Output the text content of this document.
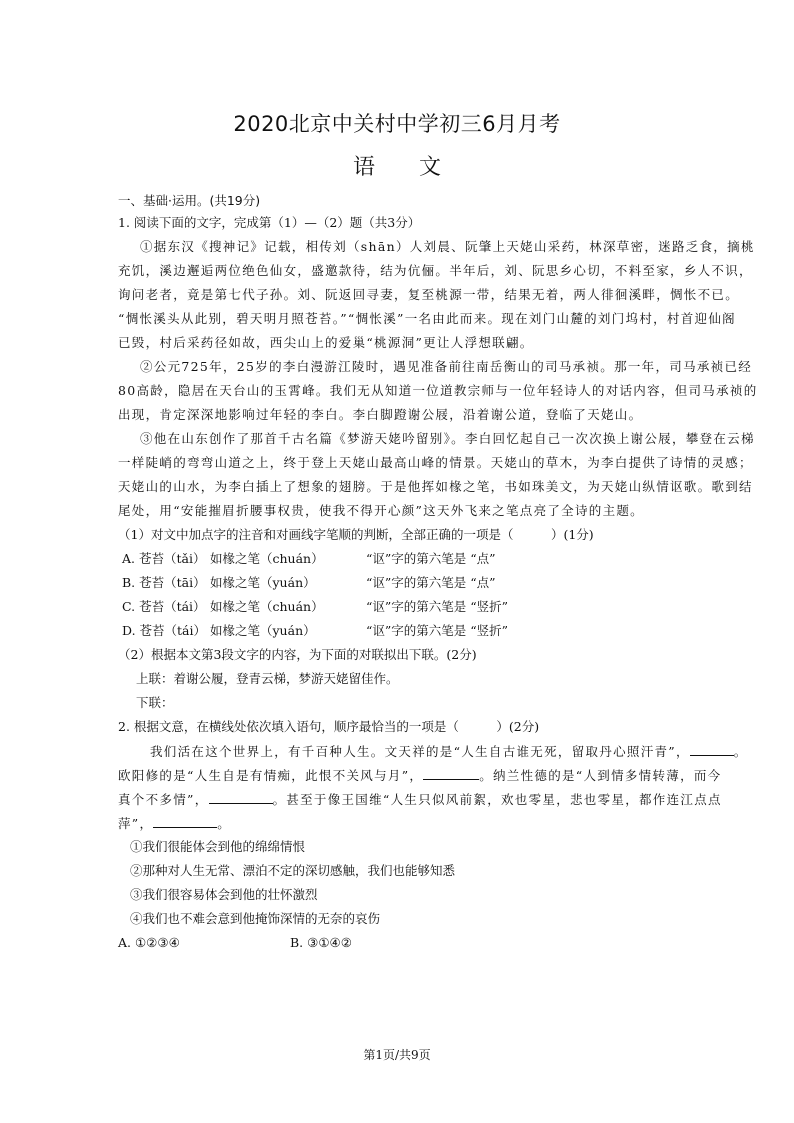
2020北京中关村中学初三6月月考
语文
一、基础·运用。(共19分)
1. 阅读下面的文字，完成第（1）—（2）题（共3分）
①据东汉《搜神记》记载，相传刘（shān）人刘晨、阮肇上天姥山采药，林深草密，迷路乏食，摘桃
充饥，溪边邂逅两位绝色仙女，盛邀款待，结为伉俪。半年后，刘、阮思乡心切，不料至家，乡人不识，
询问老者，竟是第七代子孙。刘、阮返回寻妻，复至桃源一带，结果无着，两人徘徊溪畔，惆怅不已。
“惆怅溪头从此别，碧天明月照苍苔。”“惆怅溪”一名由此而来。现在刘门山麓的刘门坞村，村首迎仙阁
已毁，村后采药径如故，西尖山上的爱巢“桃源洞”更让人浮想联翩。
②公元725年，25岁的李白漫游江陵时，遇见准备前往南岳衡山的司马承祯。那一年，司马承祯已经
80高龄，隐居在天台山的玉霄峰。我们无从知道一位道教宗师与一位年轻诗人的对话内容，但司马承祯的
出现，肯定深深地影响过年轻的李白。李白脚蹬谢公屐，沿着谢公道，登临了天姥山。
③他在山东创作了那首千古名篇《梦游天姥吟留别》。李白回忆起自己一次次换上谢公屐，攀登在云梯
一样陡峭的弯弯山道之上，终于登上天姥山最高山峰的情景。天姥山的草木，为李白提供了诗情的灵感；
天姥山的山水，为李白插上了想象的翅膀。于是他挥如椽之笔，书如珠美文，为天姥山纵情讴歌。歌到结
尾处，用“安能摧眉折腰事权贵，使我不得开心颜”这天外飞来之笔点亮了全诗的主题。
（1）对文中加点字的注音和对画线字笔顺的判断，全部正确的一项是（　　　）(1分)
A. 苍苔（tǎi） 如椽之笔（chuán）	“讴”字的第六笔是 “点”
B. 苍苔（tāi） 如椽之笔（yuán）	“讴”字的第六笔是 “点”
C. 苍苔（tái） 如椽之笔（chuán）	“讴”字的第六笔是 “竖折”
D. 苍苔（tái） 如椽之笔（yuán）	“讴”字的第六笔是 “竖折”
（2）根据本文第3段文字的内容，为下面的对联拟出下联。(2分)
上联：着谢公履，登青云梯，梦游天姥留佳作。
下联：
2. 根据文意，在横线处依次填入语句，顺序最恰当的一项是（　　　）(2分)
我们活在这个世界上，有千百种人生。文天祥的是“人生自古谁无死，留取丹心照汗青”，	。
欧阳修的是“人生自是有情痴，此恨不关风与月”，	。纳兰性德的是“人到情多情转薄，而今
真个不多情”，	。甚至于像王国维“人生只似风前絮，欢也零星，悲也零星，都作连江点点
萍”，	。
①我们很能体会到他的绵绵情恨
②那种对人生无常、漂泊不定的深切感触，我们也能够知悉
③我们很容易体会到他的壮怀激烈
④我们也不难会意到他掩饰深情的无奈的哀伤
A. ①②③④	B. ③①④②
第1页/共9页
